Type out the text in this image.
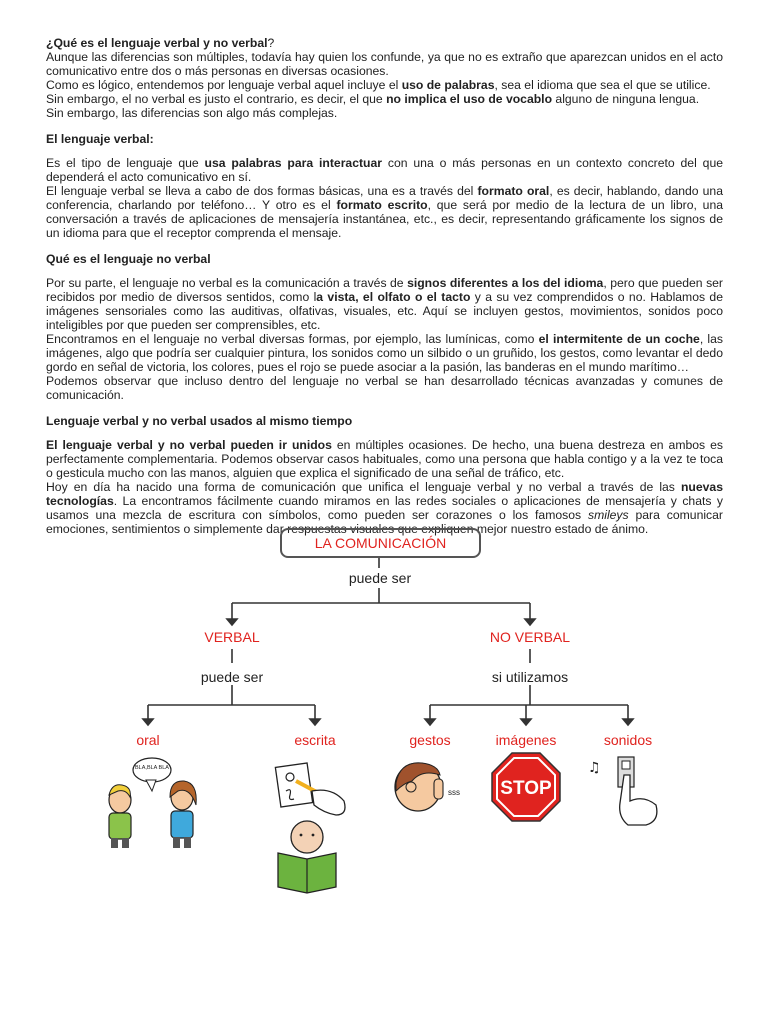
¿Qué es el lenguaje verbal y no verbal?

Aunque las diferencias son múltiples, todavía hay quien los confunde, ya que no es extraño que aparezcan unidos en el acto comunicativo entre dos o más personas en diversas ocasiones.

Como es lógico, entendemos por lenguaje verbal aquel incluye el uso de palabras, sea el idioma que sea el que se utilice.

Sin embargo, el no verbal es justo el contrario, es decir, el que no implica el uso de vocablo alguno de ninguna lengua.

Sin embargo, las diferencias son algo más complejas.

El lenguaje verbal:

Es el tipo de lenguaje que usa palabras para interactuar con una o más personas en un contexto concreto del que dependerá el acto comunicativo en sí.

El lenguaje verbal se lleva a cabo de dos formas básicas, una es a través del formato oral, es decir, hablando, dando una conferencia, charlando por teléfono… Y otro es el formato escrito, que será por medio de la lectura de un libro, una conversación a través de aplicaciones de mensajería instantánea, etc., es decir, representando gráficamente los signos de un idioma para que el receptor comprenda el mensaje.

Qué es el lenguaje no verbal

Por su parte, el lenguaje no verbal es la comunicación a través de signos diferentes a los del idioma, pero que pueden ser recibidos por medio de diversos sentidos, como la vista, el olfato o el tacto y a su vez comprendidos o no. Hablamos de imágenes sensoriales como las auditivas, olfativas, visuales, etc. Aquí se incluyen gestos, movimientos, sonidos poco inteligibles por que pueden ser comprensibles, etc.

Encontramos en el lenguaje no verbal diversas formas, por ejemplo, las lumínicas, como el intermitente de un coche, las imágenes, algo que podría ser cualquier pintura, los sonidos como un silbido o un gruñido, los gestos, como levantar el dedo gordo en señal de victoria, los colores, pues el rojo se puede asociar a la pasión, las banderas en el mundo marítimo…

Podemos observar que incluso dentro del lenguaje no verbal se han desarrollado técnicas avanzadas y comunes de comunicación.

Lenguaje verbal y no verbal usados al mismo tiempo

El lenguaje verbal y no verbal pueden ir unidos en múltiples ocasiones. De hecho, una buena destreza en ambos es perfectamente complementaria. Podemos observar casos habituales, como una persona que habla contigo y a la vez te toca o gesticula mucho con las manos, alguien que explica el significado de una señal de tráfico, etc.

Hoy en día ha nacido una forma de comunicación que unifica el lenguaje verbal y no verbal a través de las nuevas tecnologías. La encontramos fácilmente cuando miramos en las redes sociales o aplicaciones de mensajería y chats y usamos una mezcla de escritura con símbolos, como pueden ser corazones o los famosos smileys para comunicar emociones, sentimientos o simplemente dar respuestas visuales que expliquen mejor nuestro estado de ánimo.

BLA,BLA BLA
sss STOP
♫
LA COMUNICACIÓN
puede ser
VERBAL	NO VERBAL
puede ser	si utilizamos
oral	escrita	gestos	imágenes	sonidos
